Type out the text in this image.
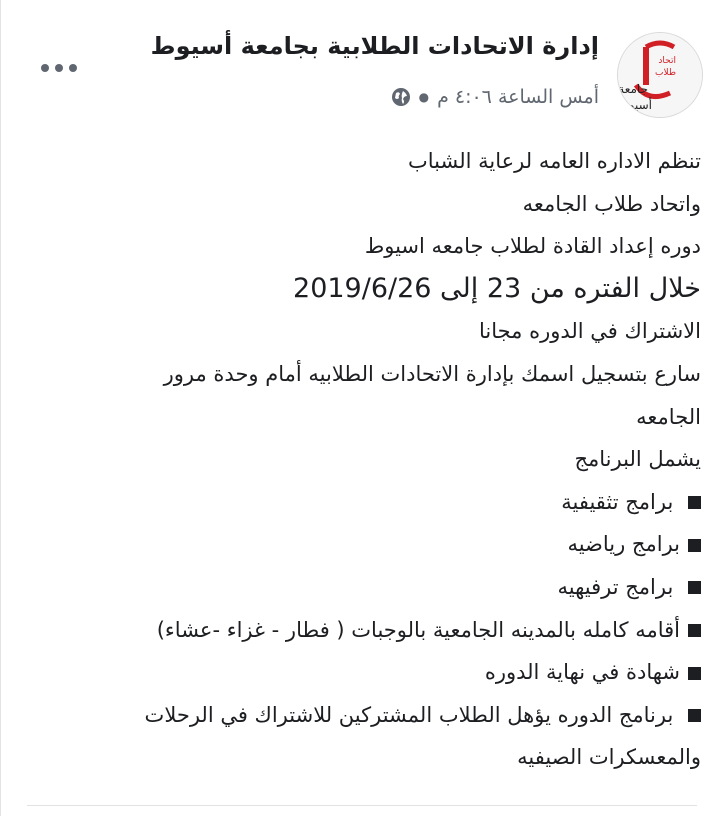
اتحاد
طلاب
جامعة
أسيوط
إدارة الاتحادات الطلابية بجامعة أسيوط
أمس الساعة ٤:٠٦ م
●

تنظم الاداره العامه لرعاية الشباب

واتحاد طلاب الجامعه

دوره إعداد القادة لطلاب جامعه اسيوط

خلال الفتره من 23 إلى 2019/6/26

الاشتراك في الدوره مجانا

سارع بتسجيل اسمك بإدارة الاتحادات الطلابيه أمام وحدة مرور

الجامعه

يشمل البرنامج

برامج تثقيفية

برامج رياضيه

برامج ترفيهيه

أقامه كامله بالمدينه الجامعية بالوجبات ( فطار - غزاء -عشاء)

شهادة في نهاية الدوره

برنامج الدوره يؤهل الطلاب المشتركين للاشتراك في الرحلات

والمعسكرات الصيفيه
